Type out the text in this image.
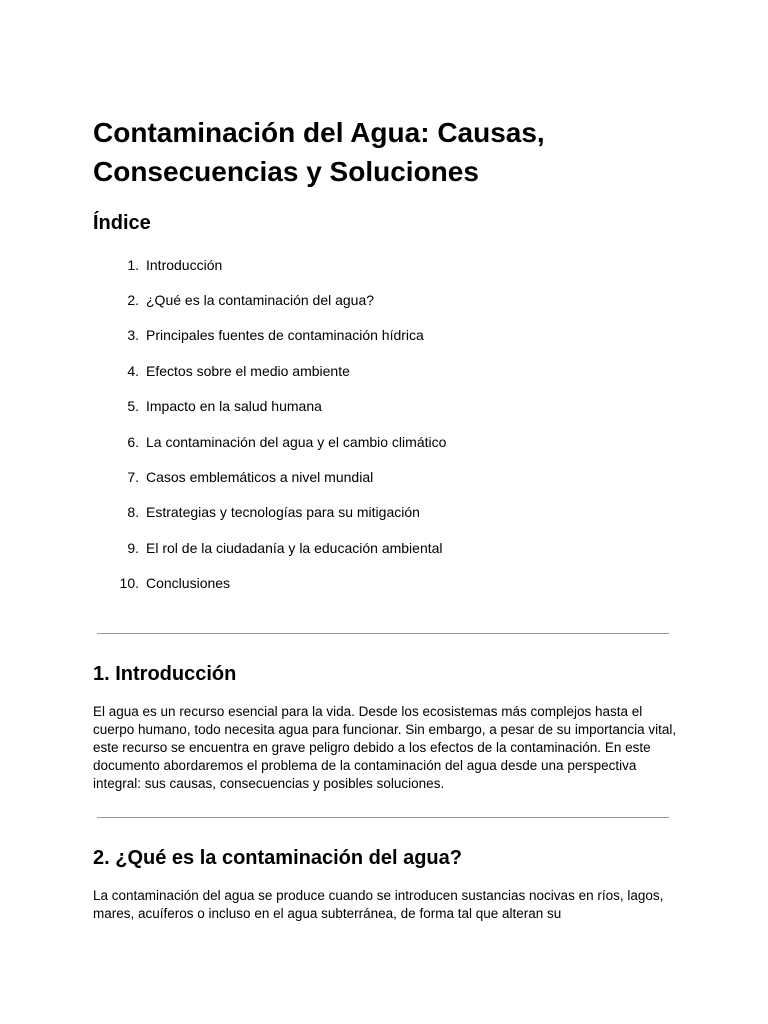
Contaminación del Agua: Causas, Consecuencias y Soluciones
Índice
1. Introducción
2. ¿Qué es la contaminación del agua?
3. Principales fuentes de contaminación hídrica
4. Efectos sobre el medio ambiente
5. Impacto en la salud humana
6. La contaminación del agua y el cambio climático
7. Casos emblemáticos a nivel mundial
8. Estrategias y tecnologías para su mitigación
9. El rol de la ciudadanía y la educación ambiental
10. Conclusiones
1. Introducción

El agua es un recurso esencial para la vida. Desde los ecosistemas más complejos hasta el cuerpo humano, todo necesita agua para funcionar. Sin embargo, a pesar de su importancia vital, este recurso se encuentra en grave peligro debido a los efectos de la contaminación. En este documento abordaremos el problema de la contaminación del agua desde una perspectiva integral: sus causas, consecuencias y posibles soluciones.

2. ¿Qué es la contaminación del agua?

La contaminación del agua se produce cuando se introducen sustancias nocivas en ríos, lagos, mares, acuíferos o incluso en el agua subterránea, de forma tal que alteran su
